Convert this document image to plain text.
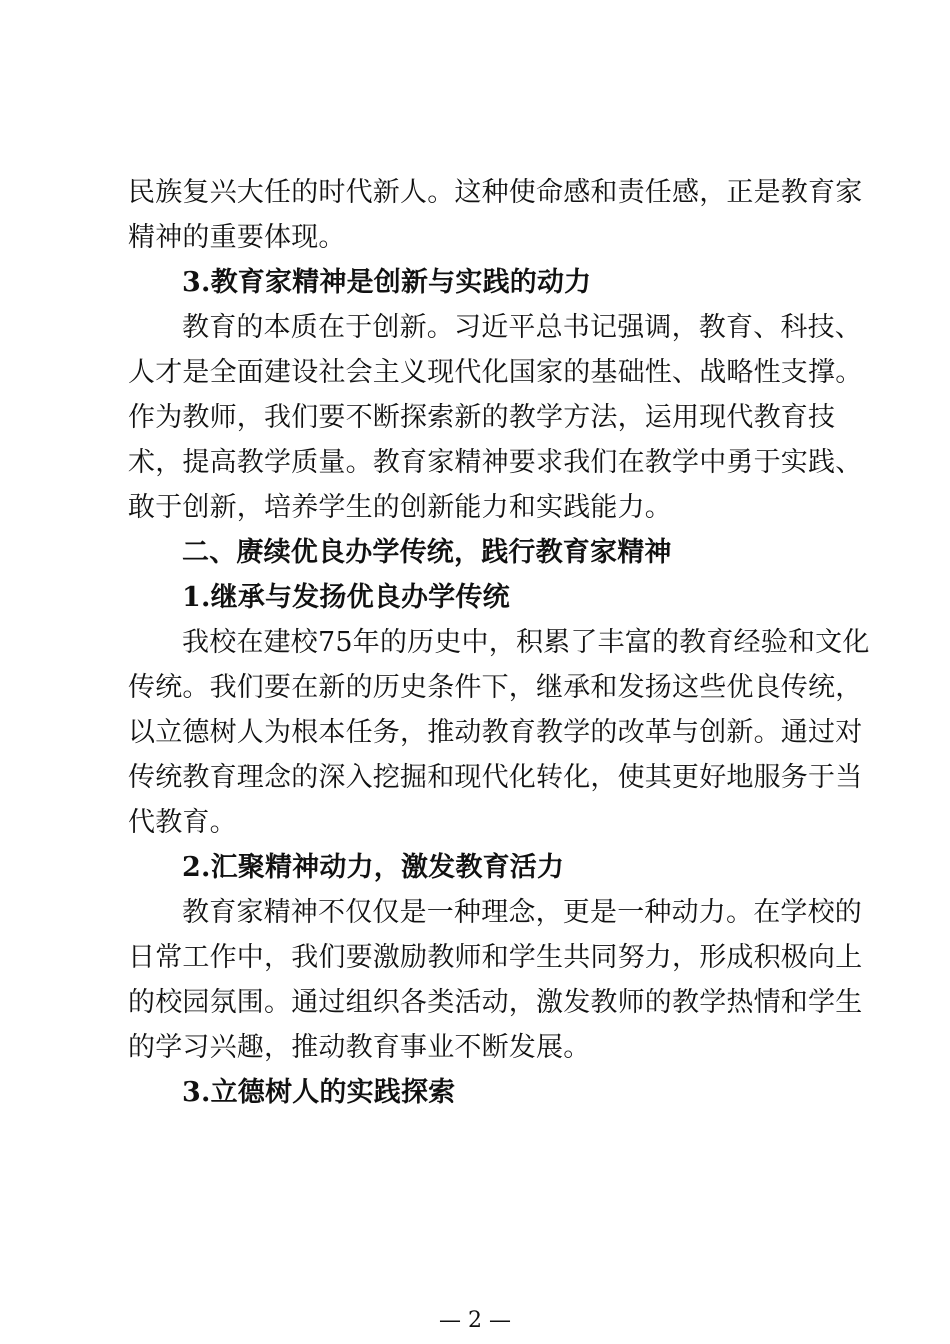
民族复兴大任的时代新人。这种使命感和责任感，正是教育家
精神的重要体现。
3.教育家精神是创新与实践的动力
教育的本质在于创新。习近平总书记强调，教育、科技、
人才是全面建设社会主义现代化国家的基础性、战略性支撑。
作为教师，我们要不断探索新的教学方法，运用现代教育技
术，提高教学质量。教育家精神要求我们在教学中勇于实践、
敢于创新，培养学生的创新能力和实践能力。
二、赓续优良办学传统，践行教育家精神
1.继承与发扬优良办学传统
我校在建校75年的历史中，积累了丰富的教育经验和文化
传统。我们要在新的历史条件下，继承和发扬这些优良传统，
以立德树人为根本任务，推动教育教学的改革与创新。通过对
传统教育理念的深入挖掘和现代化转化，使其更好地服务于当
代教育。
2.汇聚精神动力，激发教育活力
教育家精神不仅仅是一种理念，更是一种动力。在学校的
日常工作中，我们要激励教师和学生共同努力，形成积极向上
的校园氛围。通过组织各类活动，激发教师的教学热情和学生
的学习兴趣，推动教育事业不断发展。
3.立德树人的实践探索
— 2 —
